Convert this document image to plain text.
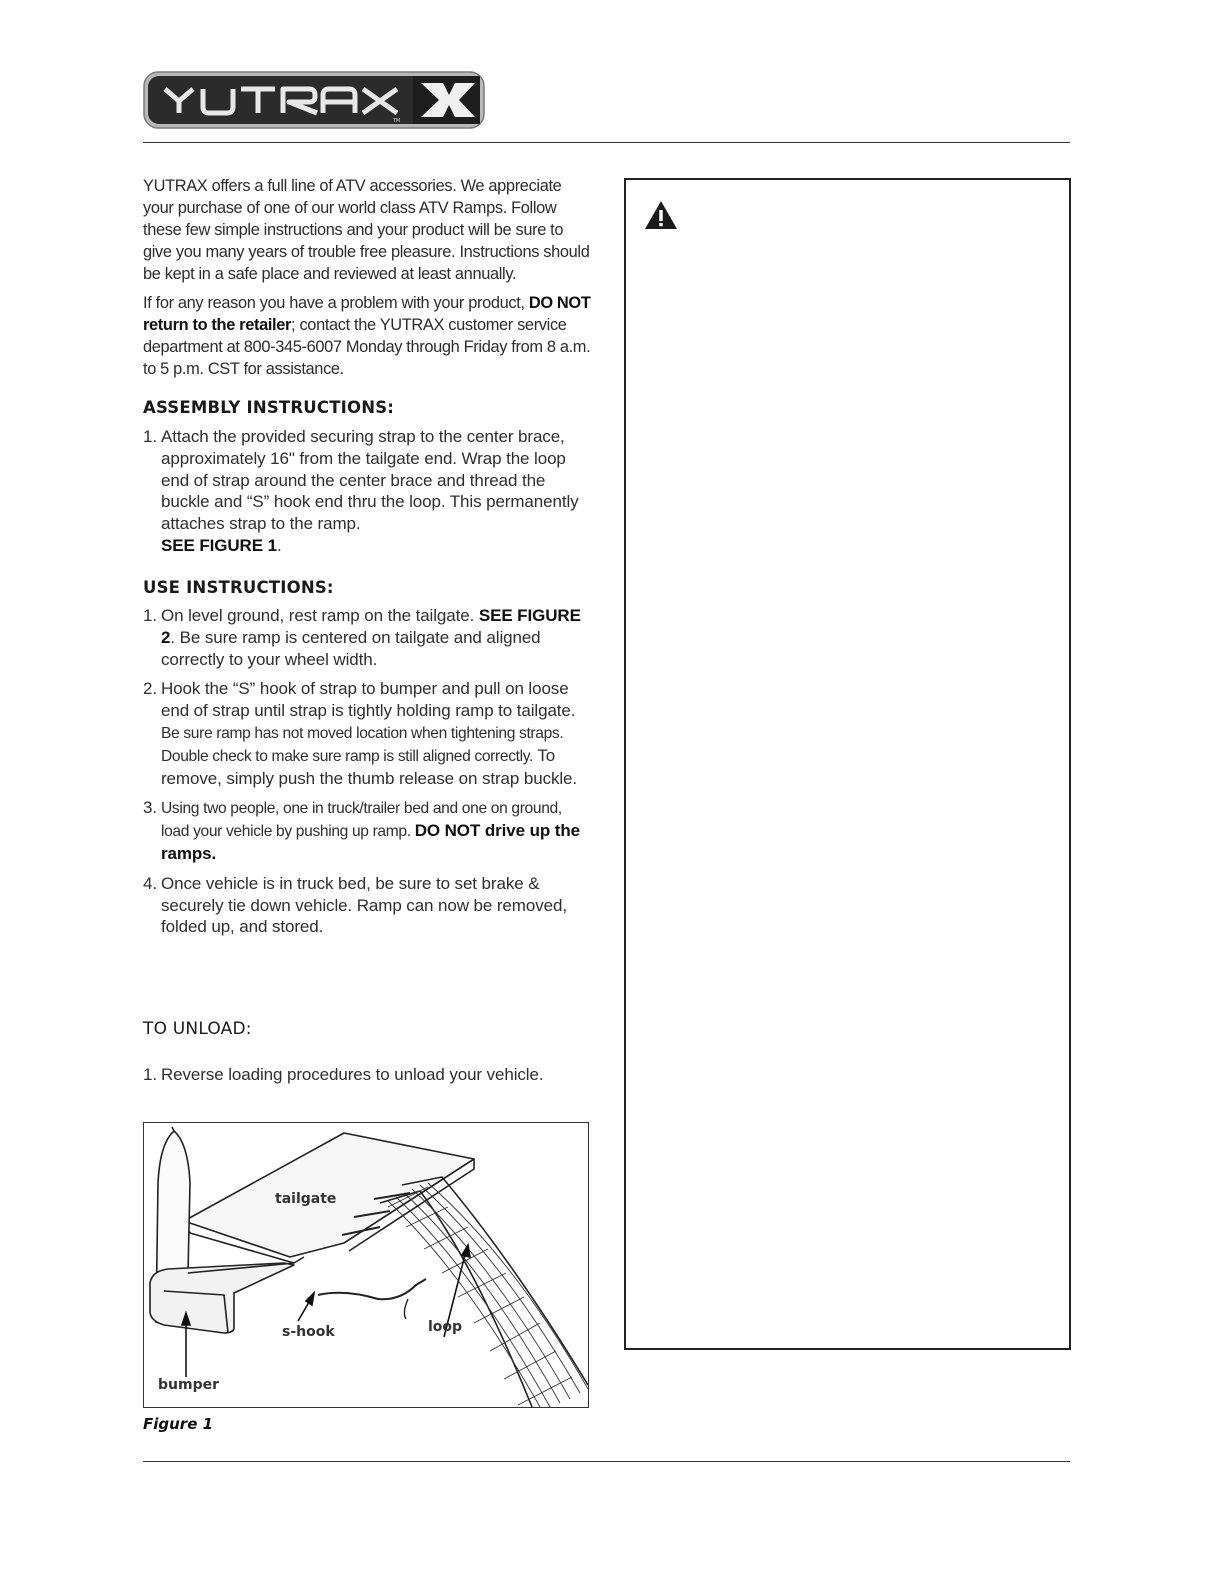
TM

YUTRAX offers a full line of ATV accessories. We appreciate your purchase of one of our world class ATV Ramps. Follow these few simple instructions and your product will be sure to give you many years of trouble free pleasure. Instructions should be kept in a safe place and reviewed at least annually.

If for any reason you have a problem with your product, DO NOT return to the retailer; contact the YUTRAX customer service department at 800-345-6007 Monday through Friday from 8 a.m. to 5 p.m. CST for assistance.

ASSEMBLY INSTRUCTIONS:
1. Attach the provided securing strap to the center brace, approximately 16" from the tailgate end. Wrap the loop end of strap around the center brace and thread the buckle and “S” hook end thru the loop. This permanently attaches strap to the ramp.
SEE FIGURE 1.
USE INSTRUCTIONS:
1. On level ground, rest ramp on the tailgate. SEE FIGURE 2. Be sure ramp is centered on tailgate and aligned correctly to your wheel width.
2. Hook the “S” hook of strap to bumper and pull on loose end of strap until strap is tightly holding ramp to tailgate. Be sure ramp has not moved location when tightening straps. Double check to make sure ramp is still aligned correctly. To remove, simply push the thumb release on strap buckle.
3. Using two people, one in truck/trailer bed and one on ground, load your vehicle by pushing up ramp. DO NOT drive up the ramps.
4. Once vehicle is in truck bed, be sure to set brake & securely tie down vehicle. Ramp can now be removed, folded up, and stored.
TO UNLOAD:
1. Reverse loading procedures to unload your vehicle.
tailgate
s-hook	loop
bumper
Figure 1
